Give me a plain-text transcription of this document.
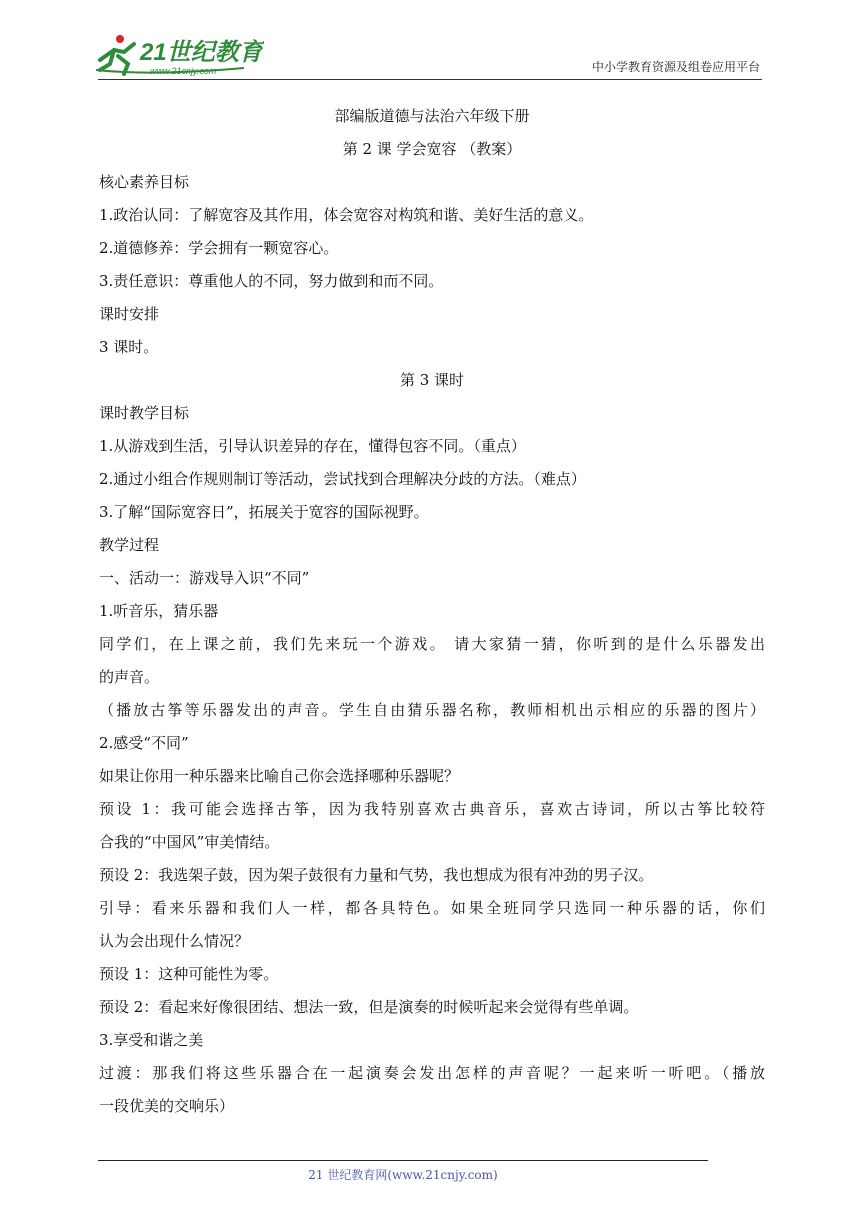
21世纪教育
www.21cnjy.com	中小学教育资源及组卷应用平台
部编版道德与法治六年级下册
第 2 课 学会宽容 （教案）
核心素养目标
1.政治认同：了解宽容及其作用，体会宽容对构筑和谐、美好生活的意义。
2.道德修养：学会拥有一颗宽容心。
3.责任意识：尊重他人的不同，努力做到和而不同。
课时安排
3 课时。
第 3 课时
课时教学目标
1.从游戏到生活，引导认识差异的存在，懂得包容不同。（重点）
2.通过小组合作规则制订等活动，尝试找到合理解决分歧的方法。（难点）
3.了解“国际宽容日”，拓展关于宽容的国际视野。
教学过程
一、活动一：游戏导入识“不同”
1.听音乐，猜乐器
同学们，在上课之前，我们先来玩一个游戏。 请大家猜一猜，你听到的是什么乐器发出
的声音。
（播放古筝等乐器发出的声音。学生自由猜乐器名称，教师相机出示相应的乐器的图片）
2.感受“不同”
如果让你用一种乐器来比喻自己你会选择哪种乐器呢？
预设 1：我可能会选择古筝，因为我特别喜欢古典音乐，喜欢古诗词，所以古筝比较符
合我的“中国风”审美情结。
预设 2：我选架子鼓，因为架子鼓很有力量和气势，我也想成为很有冲劲的男子汉。
引导：看来乐器和我们人一样，都各具特色。如果全班同学只选同一种乐器的话，你们
认为会出现什么情况？
预设 1：这种可能性为零。
预设 2：看起来好像很团结、想法一致，但是演奏的时候听起来会觉得有些单调。
3.享受和谐之美
过渡：那我们将这些乐器合在一起演奏会发出怎样的声音呢？一起来听一听吧。（播放
一段优美的交响乐）
21 世纪教育网(www.21cnjy.com)
